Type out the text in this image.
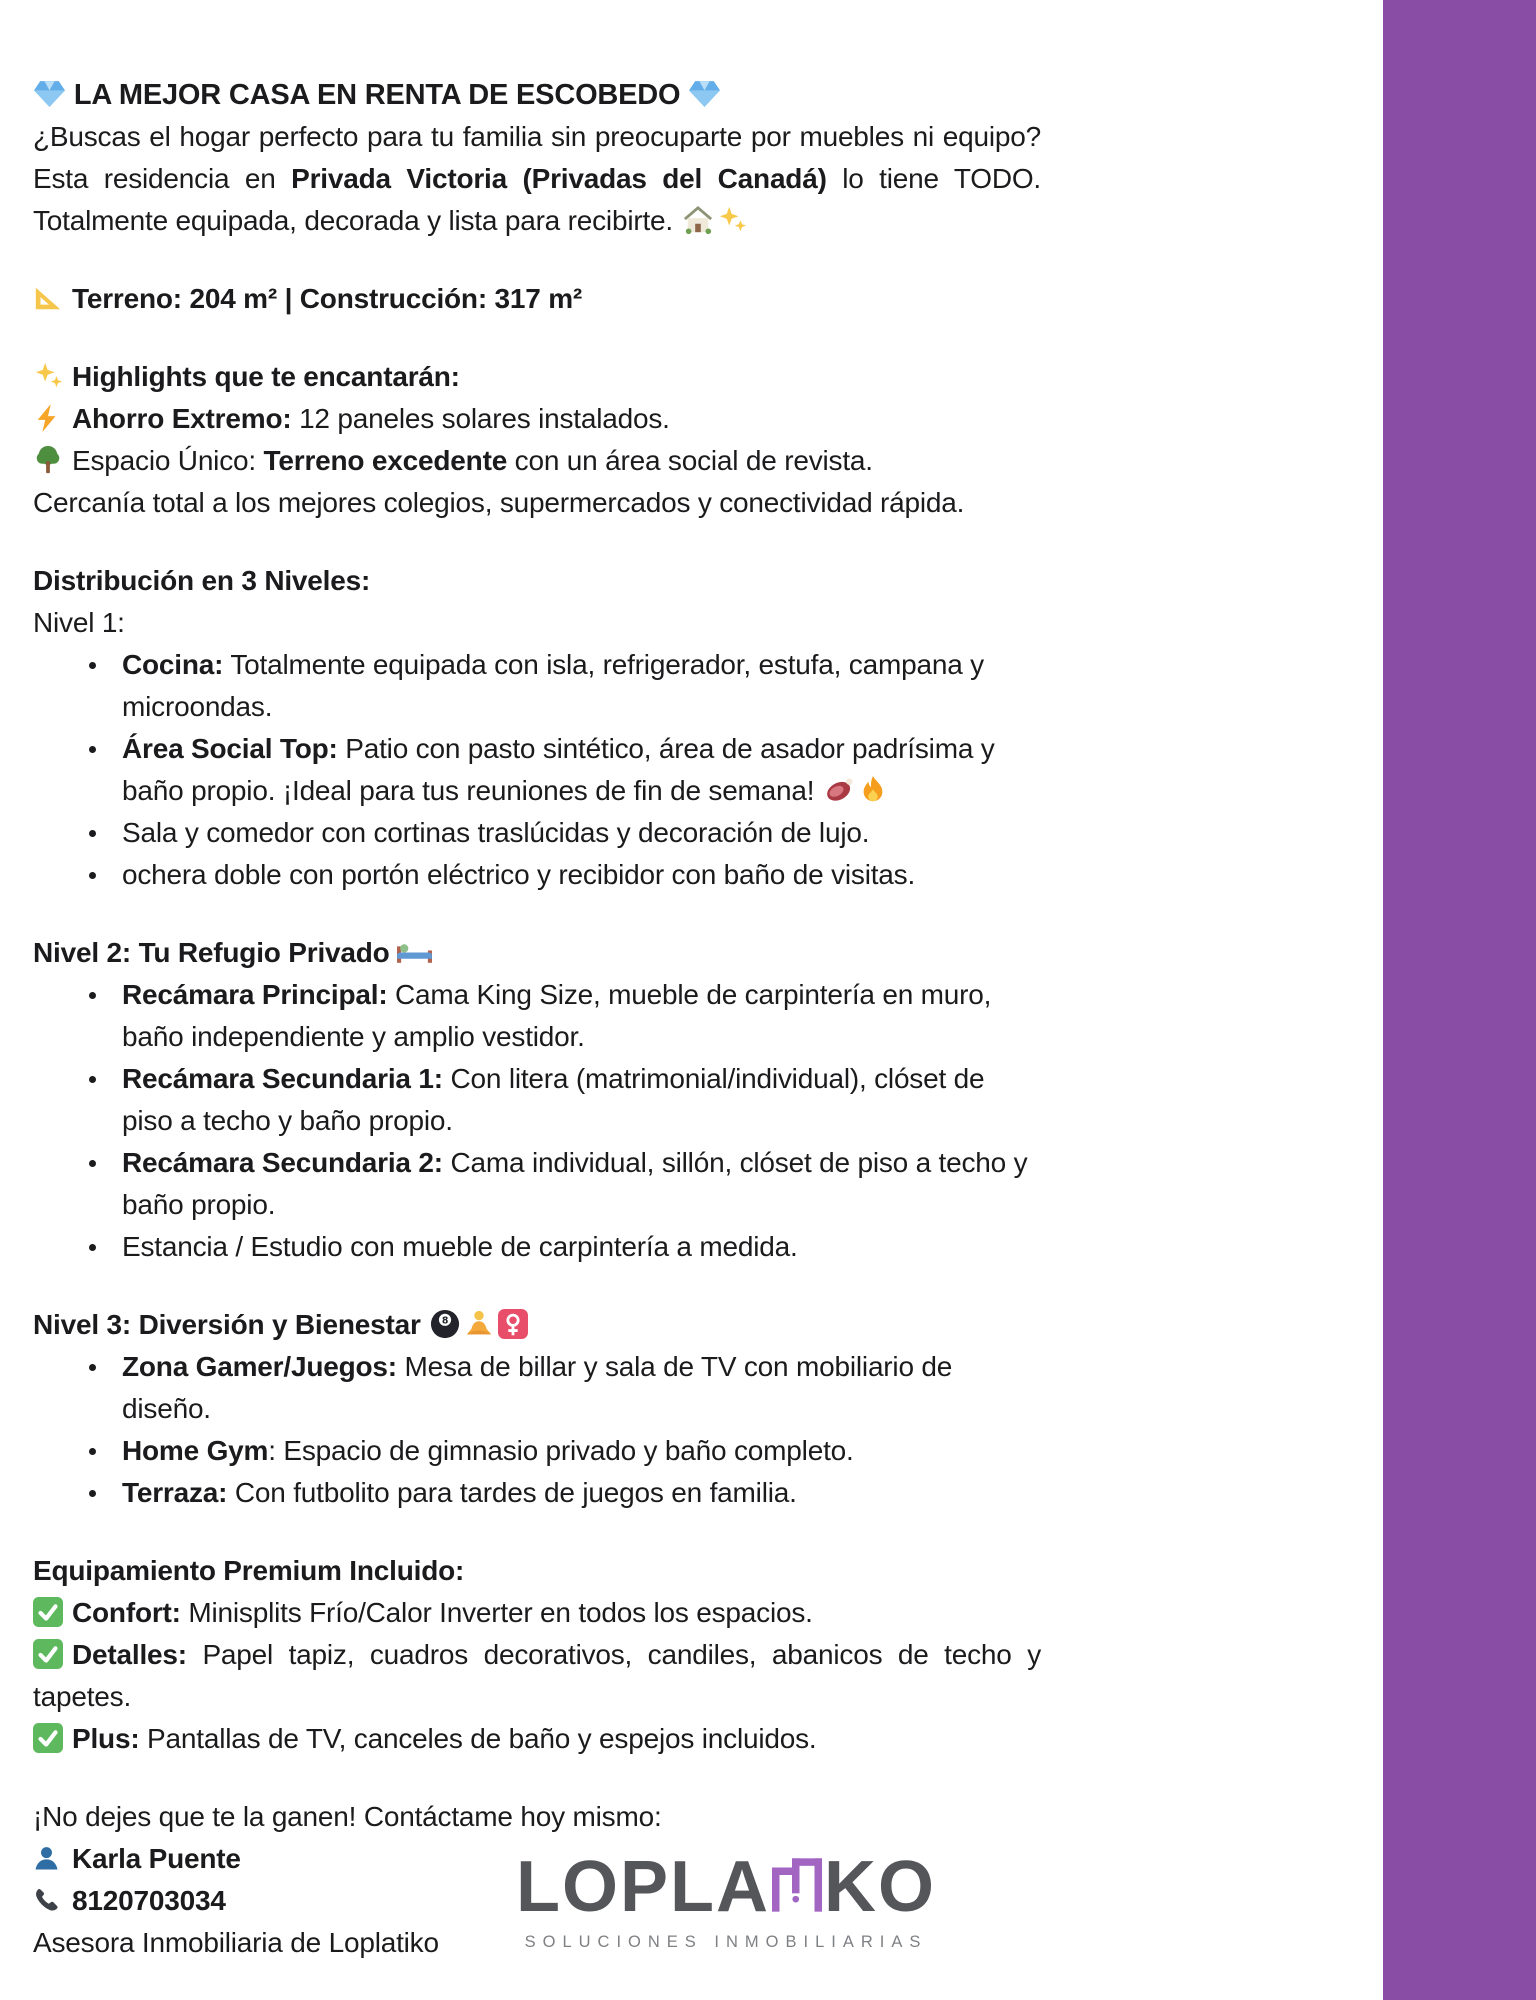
LA MEJOR CASA EN RENTA DE ESCOBEDO

¿Buscas el hogar perfecto para tu familia sin preocuparte por muebles ni equipo? Esta residencia en Privada Victoria (Privadas del Canadá) lo tiene TODO. Totalmente equipada, decorada y lista para recibirte.

Terreno: 204 m² | Construcción: 317 m²

Highlights que te encantarán:

Ahorro Extremo: 12 paneles solares instalados.

Espacio Único: Terreno excedente con un área social de revista.

Cercanía total a los mejores colegios, supermercados y conectividad rápida.

Distribución en 3 Niveles:

Nivel 1:

Cocina: Totalmente equipada con isla, refrigerador, estufa, campana y microondas.
Área Social Top: Patio con pasto sintético, área de asador padrísima y baño propio. ¡Ideal para tus reuniones de fin de semana!
Sala y comedor con cortinas traslúcidas y decoración de lujo.
ochera doble con portón eléctrico y recibidor con baño de visitas.

Nivel 2: Tu Refugio Privado

Recámara Principal: Cama King Size, mueble de carpintería en muro, baño independiente y amplio vestidor.
Recámara Secundaria 1: Con litera (matrimonial/individual), clóset de piso a techo y baño propio.
Recámara Secundaria 2: Cama individual, sillón, clóset de piso a techo y baño propio.
Estancia / Estudio con mueble de carpintería a medida.

Nivel 3: Diversión y Bienestar

Zona Gamer/Juegos: Mesa de billar y sala de TV con mobiliario de diseño.
Home Gym: Espacio de gimnasio privado y baño completo.
Terraza: Con futbolito para tardes de juegos en familia.

Equipamiento Premium Incluido:

Confort: Minisplits Frío/Calor Inverter en todos los espacios.

Detalles: Papel tapiz, cuadros decorativos, candiles, abanicos de techo y tapetes.

Plus: Pantallas de TV, canceles de baño y espejos incluidos.

¡No dejes que te la ganen! Contáctame hoy mismo:

Karla Puente

8120703034

Asesora Inmobiliaria de Loplatiko

LOPLA KO
SOLUCIONES INMOBILIARIAS
